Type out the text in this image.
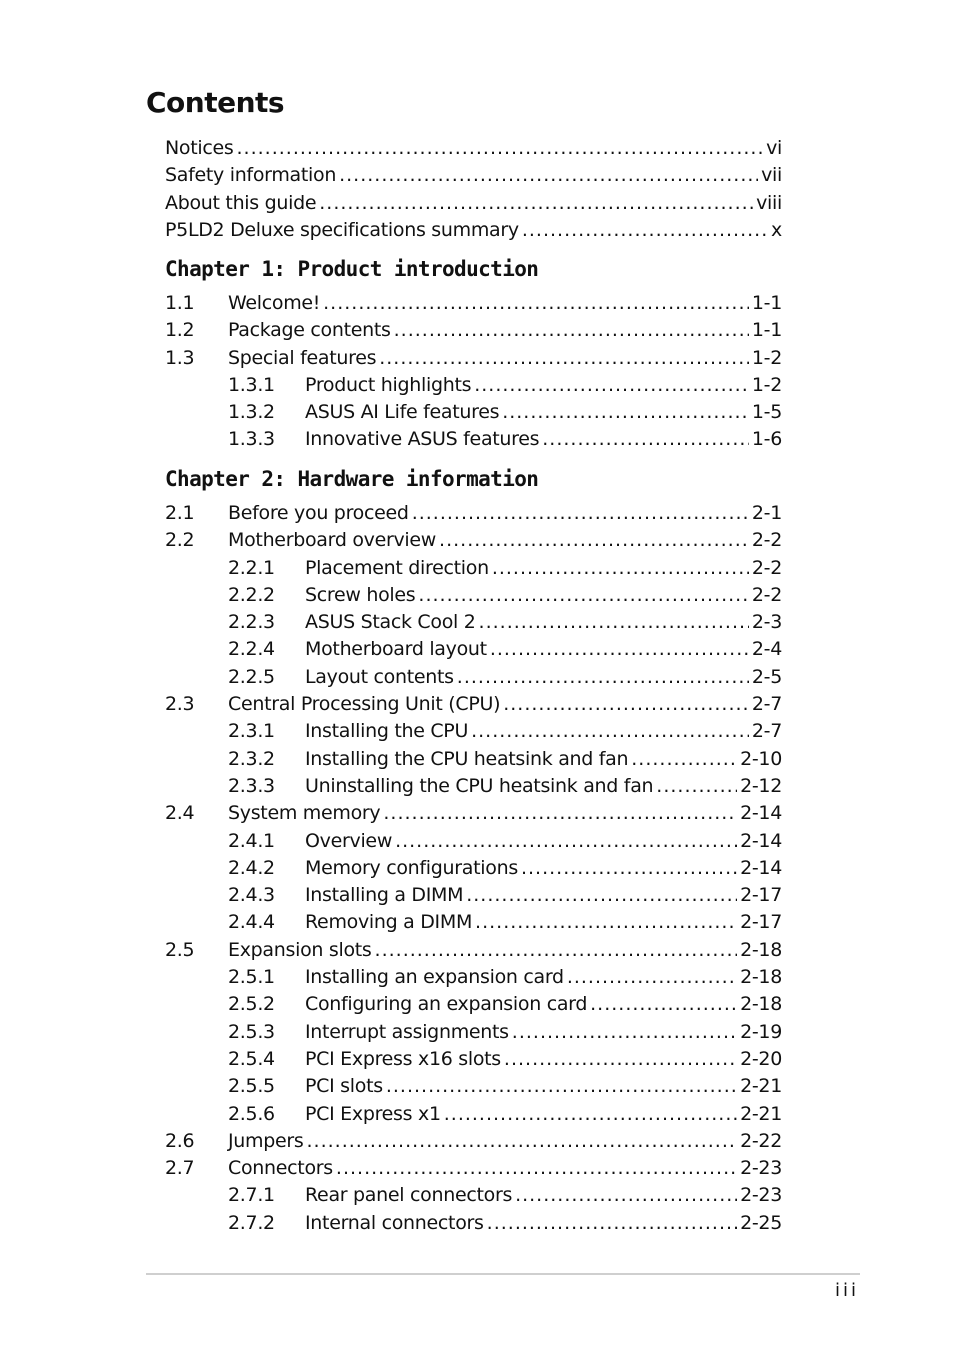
Contents
Notices .....	vi
Safety information .....	vii
About this guide .....	viii
P5LD2 Deluxe specifications summary .....	x
Chapter 1: Product introduction
1.1	Welcome! .....	1-1
1.2	Package contents .....	1-1
1.3	Special features .....	1-2
1.3.1	Product highlights .....	1-2
1.3.2	ASUS AI Life features .....	1-5
1.3.3	Innovative ASUS features .....	1-6
Chapter 2: Hardware information
2.1	Before you proceed .....	2-1
2.2	Motherboard overview .....	2-2
2.2.1	Placement direction .....	2-2
2.2.2	Screw holes .....	2-2
2.2.3	ASUS Stack Cool 2 .....	2-3
2.2.4	Motherboard layout .....	2-4
2.2.5	Layout contents .....	2-5
2.3	Central Processing Unit (CPU) .....	2-7
2.3.1	Installing the CPU .....	2-7
2.3.2	Installing the CPU heatsink and fan .....	2-10
2.3.3	Uninstalling the CPU heatsink and fan .....	2-12
2.4	System memory .....	2-14
2.4.1	Overview .....	2-14
2.4.2	Memory configurations .....	2-14
2.4.3	Installing a DIMM .....	2-17
2.4.4	Removing a DIMM .....	2-17
2.5	Expansion slots .....	2-18
2.5.1	Installing an expansion card .....	2-18
2.5.2	Configuring an expansion card .....	2-18
2.5.3	Interrupt assignments .....	2-19
2.5.4	PCI Express x16 slots .....	2-20
2.5.5	PCI slots .....	2-21
2.5.6	PCI Express x1 .....	2-21
2.6	Jumpers .....	2-22
2.7	Connectors .....	2-23
2.7.1	Rear panel connectors .....	2-23
2.7.2	Internal connectors .....	2-25
iii
